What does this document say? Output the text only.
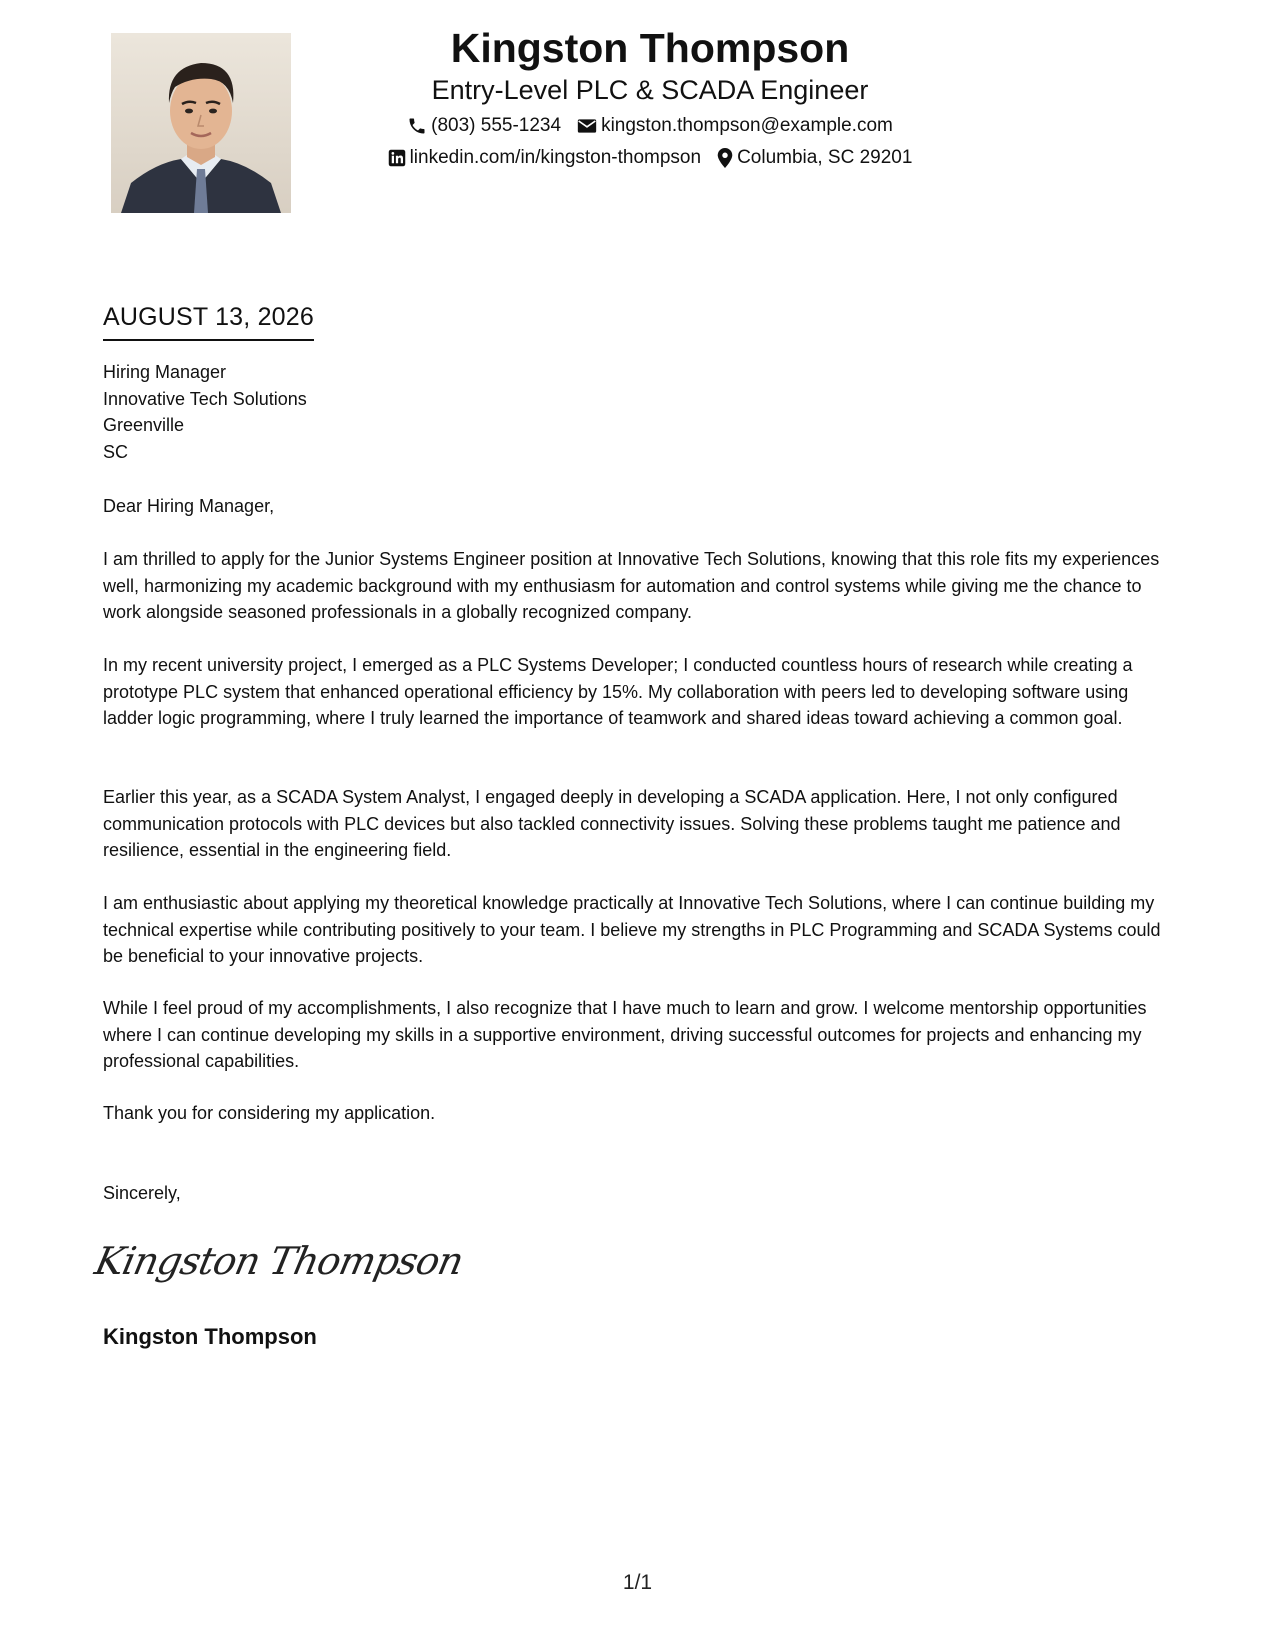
Kingston Thompson
Entry-Level PLC & SCADA Engineer
(803) 555-1234 kingston.thompson@example.com
linkedin.com/in/kingston-thompson Columbia, SC 29201
AUGUST 13, 2026
Hiring Manager
Innovative Tech Solutions
Greenville
SC
Dear Hiring Manager,

I am thrilled to apply for the Junior Systems Engineer position at Innovative Tech Solutions, knowing that this role fits my experiences well, harmonizing my academic background with my enthusiasm for automation and control systems while giving me the chance to work alongside seasoned professionals in a globally recognized company.

In my recent university project, I emerged as a PLC Systems Developer; I conducted countless hours of research while creating a prototype PLC system that enhanced operational efficiency by 15%. My collaboration with peers led to developing software using ladder logic programming, where I truly learned the importance of teamwork and shared ideas toward achieving a common goal.

Earlier this year, as a SCADA System Analyst, I engaged deeply in developing a SCADA application. Here, I not only configured communication protocols with PLC devices but also tackled connectivity issues. Solving these problems taught me patience and resilience, essential in the engineering field.

I am enthusiastic about applying my theoretical knowledge practically at Innovative Tech Solutions, where I can continue building my technical expertise while contributing positively to your team. I believe my strengths in PLC Programming and SCADA Systems could be beneficial to your innovative projects.

While I feel proud of my accomplishments, I also recognize that I have much to learn and grow. I welcome mentorship opportunities where I can continue developing my skills in a supportive environment, driving successful outcomes for projects and enhancing my professional capabilities.

Thank you for considering my application.

Sincerely,
Kingston Thompson
Kingston Thompson
1/1
